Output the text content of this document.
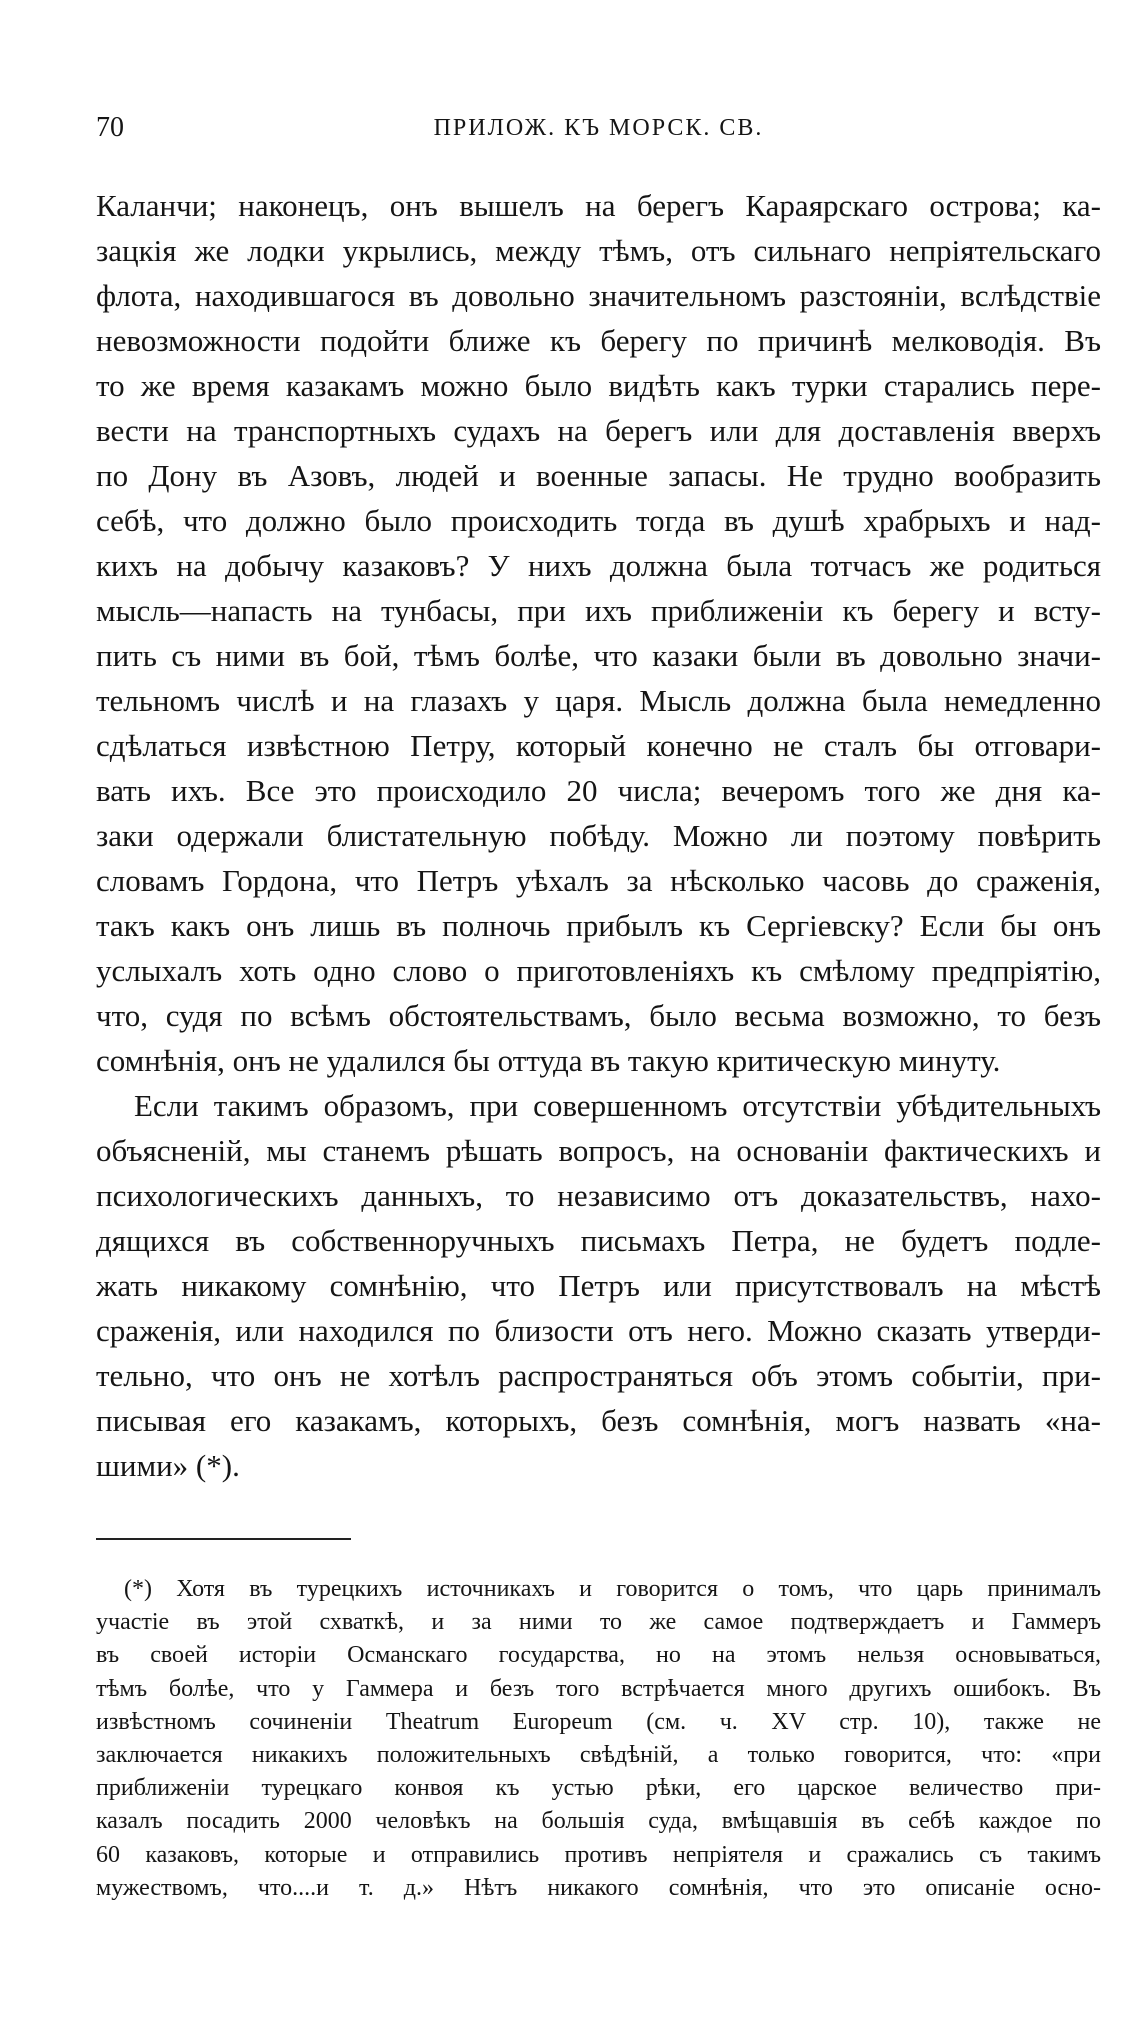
70	ПРИЛОЖ. КЪ МОРСК. СВ.
Каланчи; наконецъ, онъ вышелъ на берегъ Караярскаго острова; ка-
зацкія же лодки укрылись, между тѣмъ, отъ сильнаго непріятельскаго
флота, находившагося въ довольно значительномъ разстояніи, вслѣдствіе
невозможности подойти ближе къ берегу по причинѣ мелководія. Въ
то же время казакамъ можно было видѣть какъ турки старались пере-
вести на транспортныхъ судахъ на берегъ или для доставленія вверхъ
по Дону въ Азовъ, людей и военные запасы. Не трудно вообразить
себѣ, что должно было происходить тогда въ душѣ храбрыхъ и над-
кихъ на добычу казаковъ? У нихъ должна была тотчасъ же родиться
мысль—напасть на тунбасы, при ихъ приближеніи къ берегу и всту-
пить съ ними въ бой, тѣмъ болѣе, что казаки были въ довольно значи-
тельномъ числѣ и на глазахъ у царя. Мысль должна была немедленно
сдѣлаться извѣстною Петру, который конечно не сталъ бы отговари-
вать ихъ. Все это происходило 20 числа; вечеромъ того же дня ка-
заки одержали блистательную побѣду. Можно ли поэтому повѣрить
словамъ Гордона, что Петръ уѣхалъ за нѣсколько часовь до сраженія,
такъ какъ онъ лишь въ полночь прибылъ къ Сергіевску? Если бы онъ
услыхалъ хоть одно слово о приготовленіяхъ къ смѣлому предпріятію,
что, судя по всѣмъ обстоятельствамъ, было весьма возможно, то безъ
сомнѣнія, онъ не удалился бы оттуда въ такую критическую минуту.
Если такимъ образомъ, при совершенномъ отсутствіи убѣдительныхъ
объясненій, мы станемъ рѣшать вопросъ, на основаніи фактическихъ и
психологическихъ данныхъ, то независимо отъ доказательствъ, нахо-
дящихся въ собственноручныхъ письмахъ Петра, не будетъ подле-
жать никакому сомнѣнію, что Петръ или присутствовалъ на мѣстѣ
сраженія, или находился по близости отъ него. Можно сказать утверди-
тельно, что онъ не хотѣлъ распространяться объ этомъ событіи, при-
писывая его казакамъ, которыхъ, безъ сомнѣнія, могъ назвать «на-
шими» (*).
(*) Хотя въ турецкихъ источникахъ и говорится о томъ, что царь принималъ
участіе въ этой схваткѣ, и за ними то же самое подтверждаетъ и Гаммеръ
въ своей исторіи Османскаго государства, но на этомъ нельзя основываться,
тѣмъ болѣе, что у Гаммера и безъ того встрѣчается много другихъ ошибокъ. Въ
извѣстномъ сочиненіи Theatrum Europeum (см. ч. XV стр. 10), также не
заключается никакихъ положительныхъ свѣдѣній, а только говорится, что: «при
приближеніи турецкаго конвоя къ устью рѣки, его царское величество при-
казалъ посадить 2000 человѣкъ на большія суда, вмѣщавшія въ себѣ каждое по
60 казаковъ, которые и отправились противъ непріятеля и сражались съ такимъ
мужествомъ, что....и т. д.» Нѣтъ никакого сомнѣнія, что это описаніе осно-
